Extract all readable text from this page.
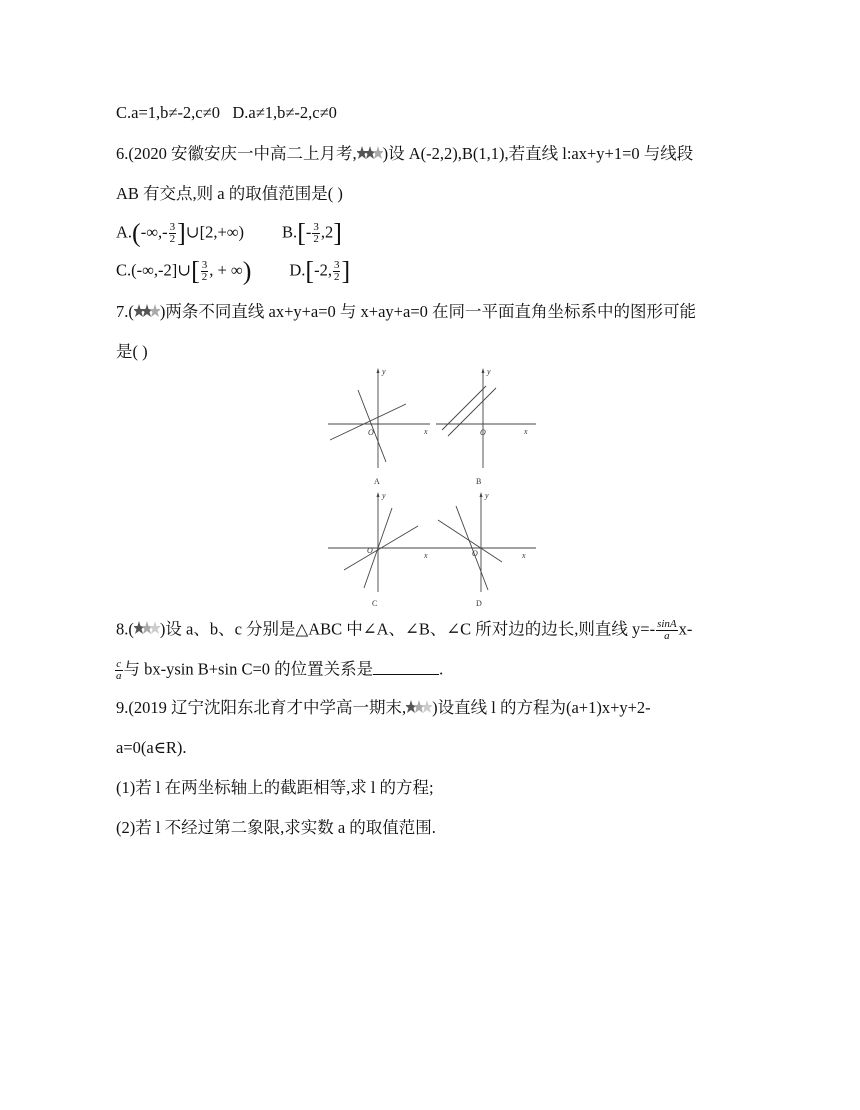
C.a=1,b≠-2,c≠0 D.a≠1,b≠-2,c≠0
6.(2020 安徽安庆一中高二上月考, )设 A(-2,2),B(1,1),若直线 l:ax+y+1=0 与线段
AB 有交点,则 a 的取值范围是( )
$A.(-\infty,- \frac{3}{2}$ ]∪[2,+∞) $B.[- \frac{3}{2} ,2]$
C.(-∞,-2]∪[ $\frac{3}{2}$ , + ∞) D.[-2, $\frac{3}{2}$ ]
7.( )两条不同直线 ax+y+a=0 与 x+ay+a=0 在同一平面直角坐标系中的图形可能
是( )
y
x
O
y
x
O
y
x
O
y
x
O
A	B
C	D
8.( )设 a、b、c 分别是△ABC 中∠A、∠B、∠C 所对边的边长,则直线 $y=- \frac{\sin A}{a} x-$
$\frac{c}{a}$ 与 bx-ysin B+sin C=0 的位置关系是	.
9.(2019 辽宁沈阳东北育才中学高一期末, )设直线 l 的方程为(a+1)x+y+2-
a=0(a∈R).
(1)若 l 在两坐标轴上的截距相等,求 l 的方程;
(2)若 l 不经过第二象限,求实数 a 的取值范围.
